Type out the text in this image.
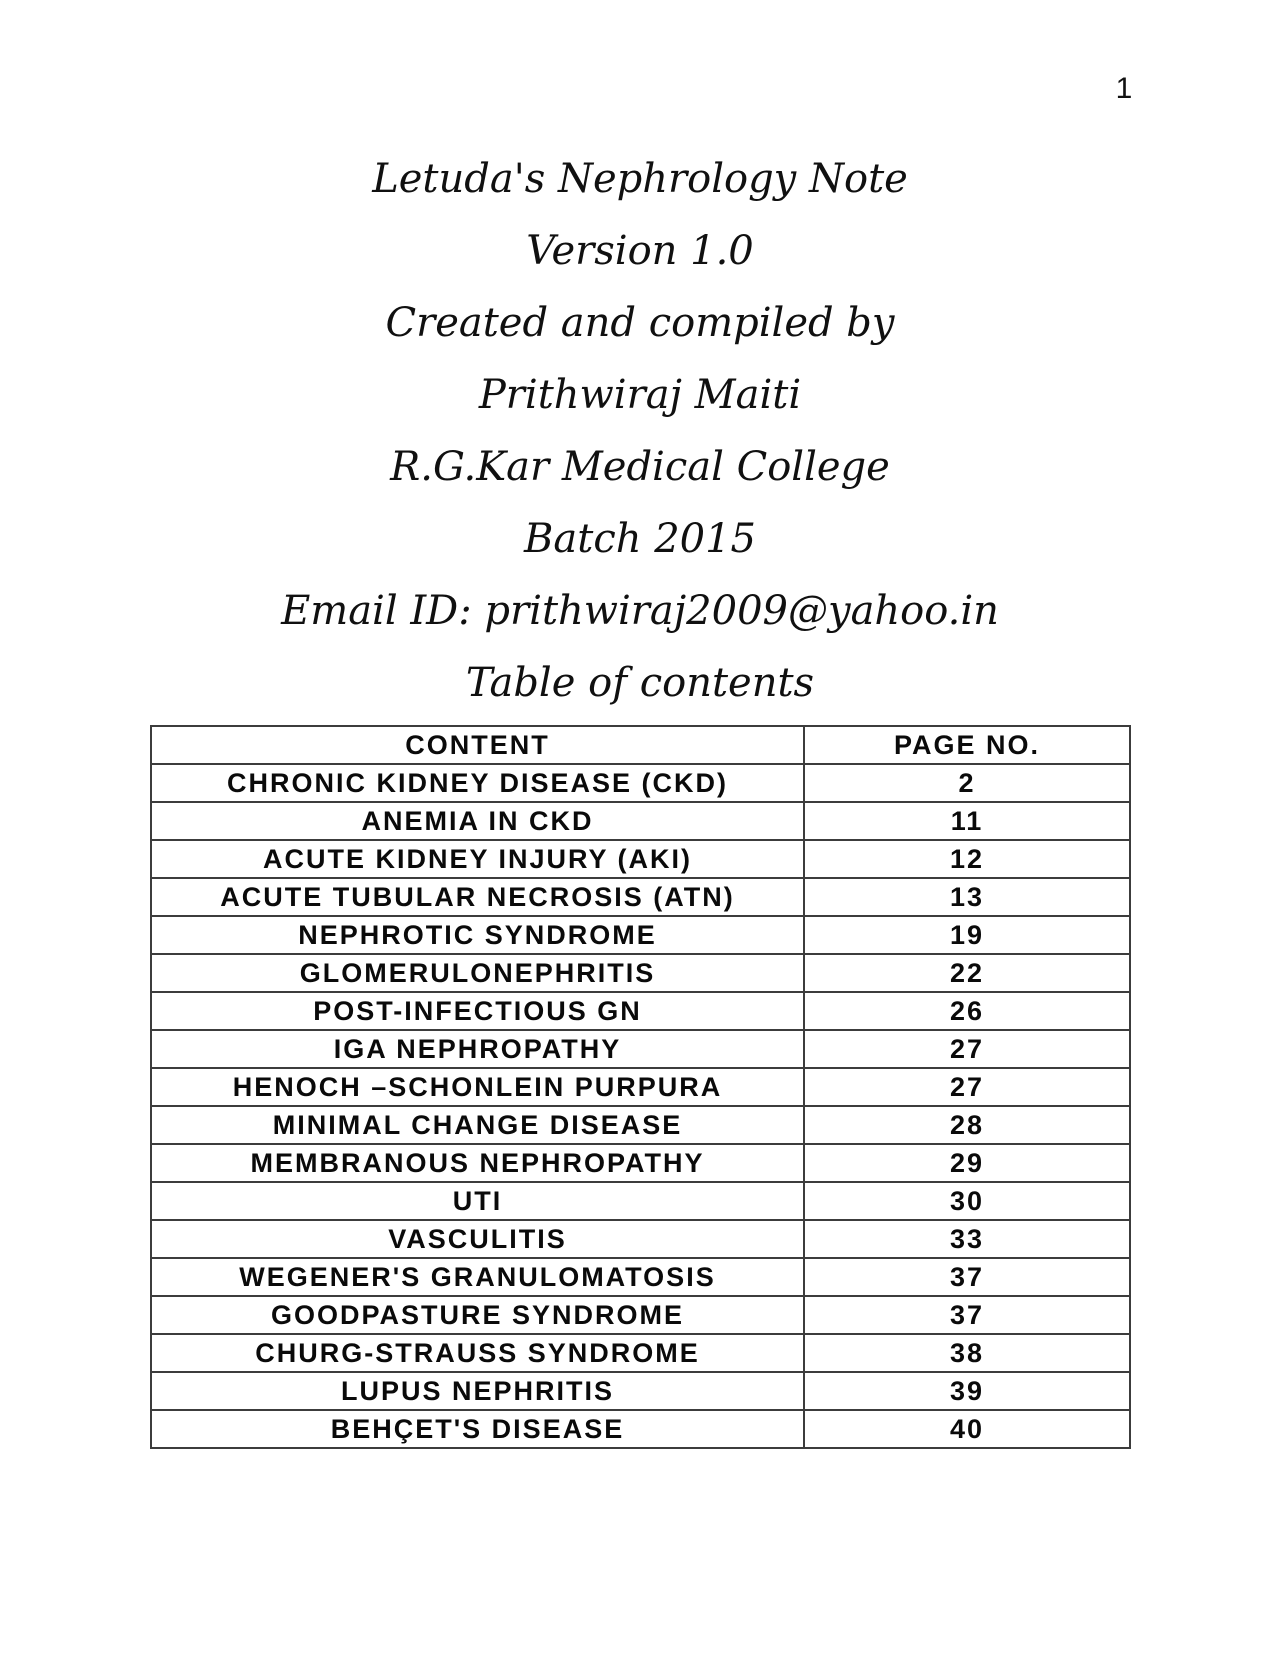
1
Letuda's Nephrology Note
Version 1.0
Created and compiled by
Prithwiraj Maiti
R.G.Kar Medical College
Batch 2015
Email ID: prithwiraj2009@yahoo.in
Table of contents
CONTENT	PAGE NO.
CHRONIC KIDNEY DISEASE (CKD)	2
ANEMIA IN CKD	11
ACUTE KIDNEY INJURY (AKI)	12
ACUTE TUBULAR NECROSIS (ATN)	13
NEPHROTIC SYNDROME	19
GLOMERULONEPHRITIS	22
POST-INFECTIOUS GN	26
IGA NEPHROPATHY	27
HENOCH –SCHONLEIN PURPURA	27
MINIMAL CHANGE DISEASE	28
MEMBRANOUS NEPHROPATHY	29
UTI	30
VASCULITIS	33
WEGENER'S GRANULOMATOSIS	37
GOODPASTURE SYNDROME	37
CHURG-STRAUSS SYNDROME	38
LUPUS NEPHRITIS	39
BEHÇET'S DISEASE	40
